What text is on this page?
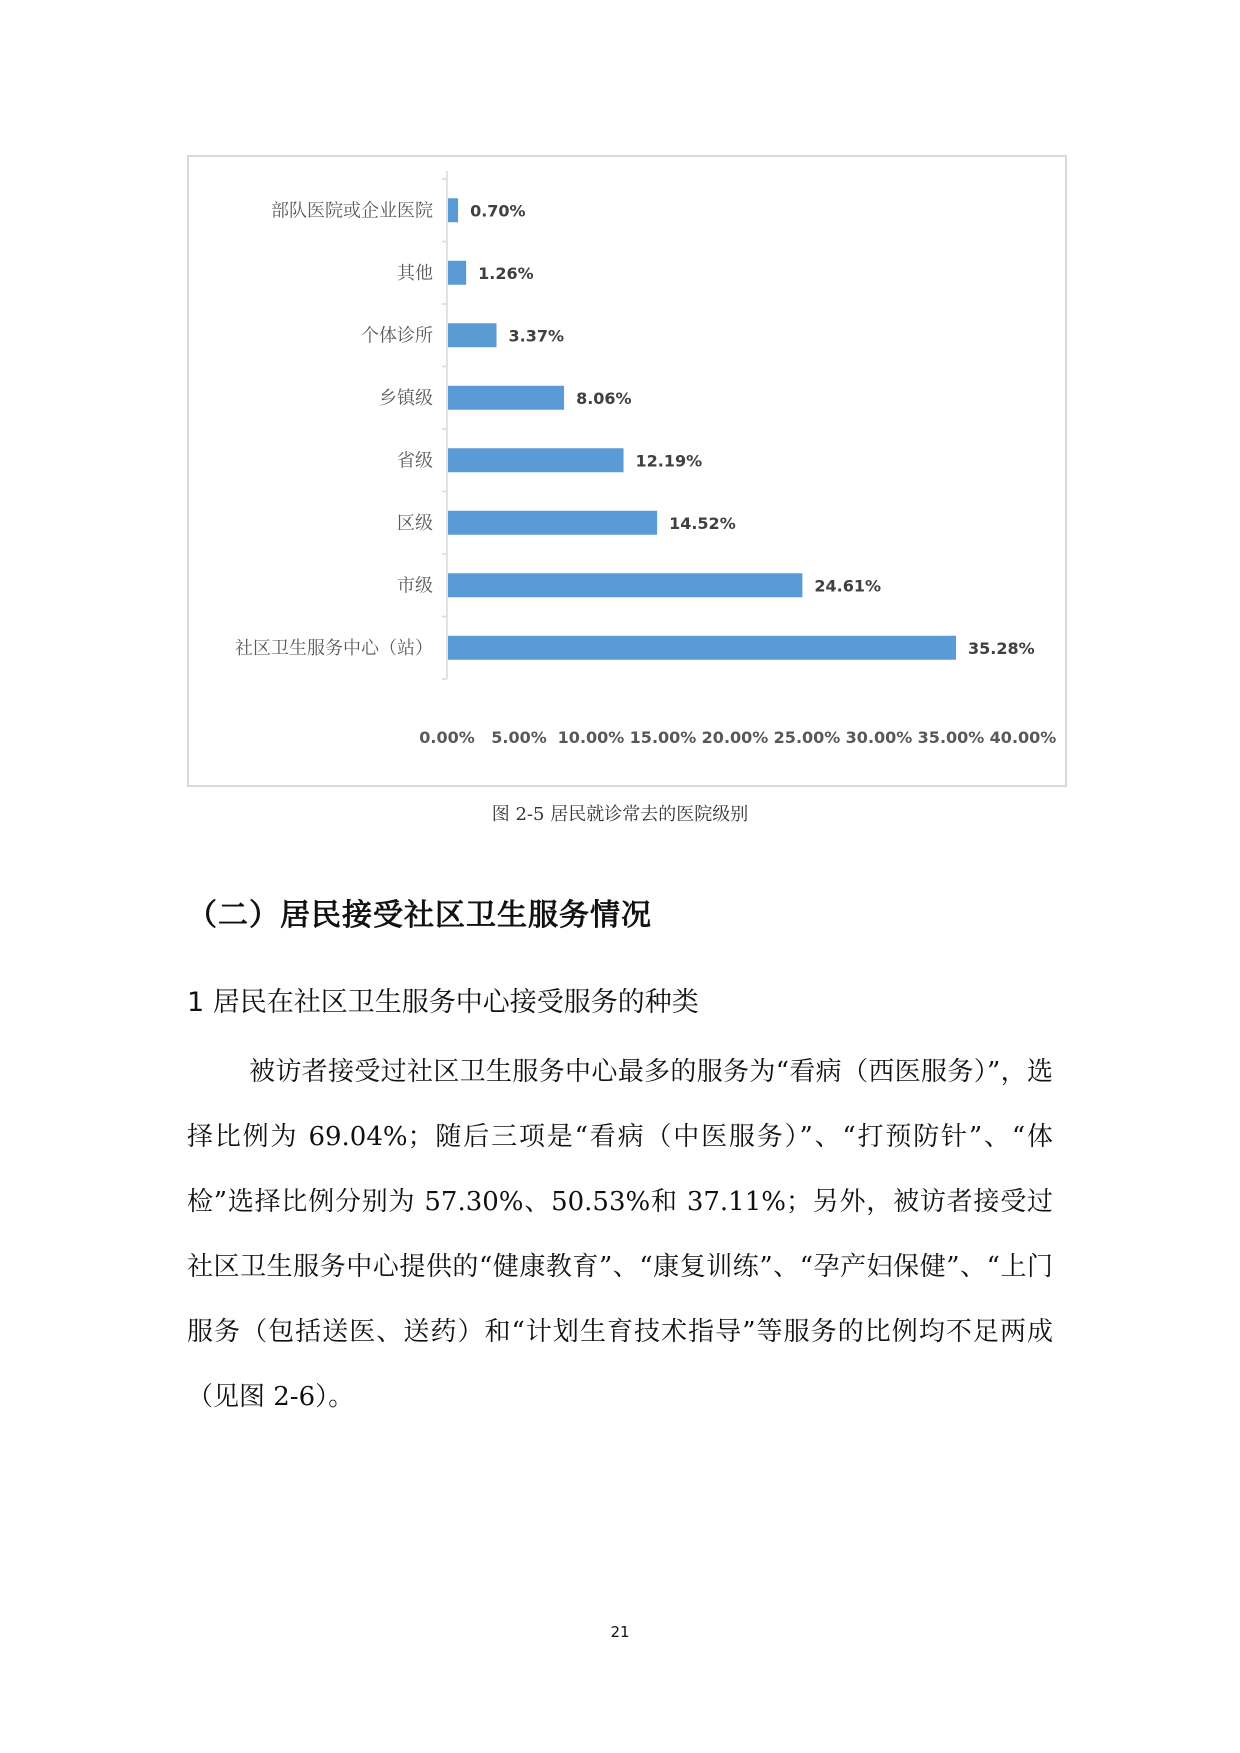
部队医院或企业医院 0.70%
其他	1.26%
个体诊所	3.37%
乡镇级	8.06%
省级	12.19%
区级	14.52%
市级	24.61%
社区卫生服务中心（站）	35.28%
0.00% 5.00% 10.00% 15.00% 20.00% 25.00% 30.00% 35.00% 40.00%
图 2-5 居民就诊常去的医院级别
（二）居民接受社区卫生服务情况
1 居民在社区卫生服务中心接受服务的种类

被访者接受过社区卫生服务中心最多的服务为“看病（西医服务）”，选择比例为 69.04%；随后三项是“看病（中医服务）”、“打预防针”、“体检”选择比例分别为 57.30%、50.53%和 37.11%；另外，被访者接受过社区卫生服务中心提供的“健康教育”、“康复训练”、“孕产妇保健”、“上门服务（包括送医、送药）和“计划生育技术指导”等服务的比例均不足两成（见图 2-6）。

21
